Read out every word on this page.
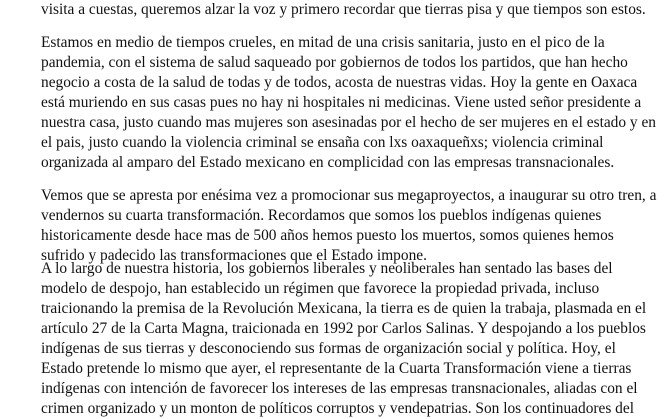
visita a cuestas, queremos alzar la voz y primero recordar que tierras pisa y que tiempos son estos.
Estamos en medio de tiempos crueles, en mitad de una crisis sanitaria, justo en el pico de la
pandemia, con el sistema de salud saqueado por gobiernos de todos los partidos, que han hecho
negocio a costa de la salud de todas y de todos, acosta de nuestras vidas. Hoy la gente en Oaxaca
está muriendo en sus casas pues no hay ni hospitales ni medicinas. Viene usted señor presidente a
nuestra casa, justo cuando mas mujeres son asesinadas por el hecho de ser mujeres en el estado y en
el pais, justo cuando la violencia criminal se ensaña con lxs oaxaqueñxs; violencia criminal
organizada al amparo del Estado mexicano en complicidad con las empresas transnacionales.
Vemos que se apresta por enésima vez a promocionar sus megaproyectos, a inaugurar su otro tren, a
vendernos su cuarta transformación. Recordamos que somos los pueblos indígenas quienes
historicamente desde hace mas de 500 años hemos puesto los muertos, somos quienes hemos
sufrido y padecido las transformaciones que el Estado impone.
A lo largo de nuestra historia, los gobiernos liberales y neoliberales han sentado las bases del
modelo de despojo, han establecido un régimen que favorece la propiedad privada, incluso
traicionando la premisa de la Revolución Mexicana, la tierra es de quien la trabaja, plasmada en el
artículo 27 de la Carta Magna, traicionada en 1992 por Carlos Salinas. Y despojando a los pueblos
indígenas de sus tierras y desconociendo sus formas de organización social y política. Hoy, el
Estado pretende lo mismo que ayer, el representante de la Cuarta Transformación viene a tierras
indígenas con intención de favorecer los intereses de las empresas transnacionales, aliadas con el
crimen organizado y un monton de políticos corruptos y vendepatrias. Son los continuadores del
